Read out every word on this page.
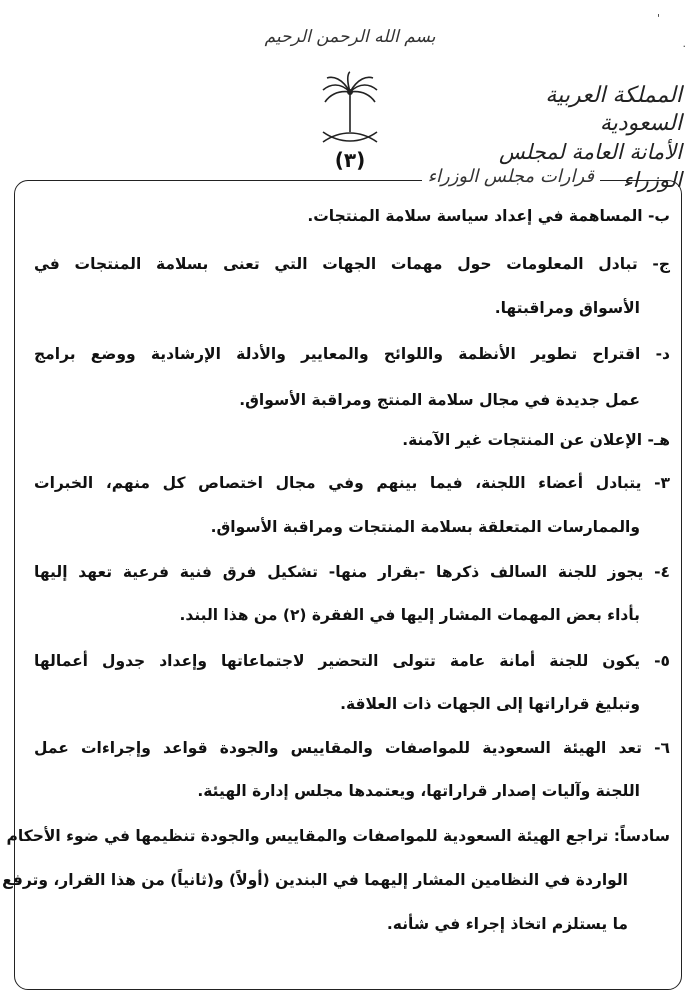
'
·
بسم الله الرحمن الرحيم
(٣)
المملكة العربية السعودية
الأمانة العامة لمجلس الوزراء
قرارات مجلس الوزراء
ب- المساهمة في إعداد سياسة سلامة المنتجات.
ج- تبادل المعلومات حول مهمات الجهات التي تعنى بسلامة المنتجات في
الأسواق ومراقبتها.
د- اقتراح تطوير الأنظمة واللوائح والمعايير والأدلة الإرشادية ووضع برامج
عمل جديدة في مجال سلامة المنتج ومراقبة الأسواق.
هـ- الإعلان عن المنتجات غير الآمنة.
٣- يتبادل أعضاء اللجنة، فيما بينهم وفي مجال اختصاص كل منهم، الخبرات
والممارسات المتعلقة بسلامة المنتجات ومراقبة الأسواق.
٤- يجوز للجنة السالف ذكرها -بقرار منها- تشكيل فرق فنية فرعية تعهد إليها
بأداء بعض المهمات المشار إليها في الفقرة (٢) من هذا البند.
٥- يكون للجنة أمانة عامة تتولى التحضير لاجتماعاتها وإعداد جدول أعمالها
وتبليغ قراراتها إلى الجهات ذات العلاقة.
٦- تعد الهيئة السعودية للمواصفات والمقاييس والجودة قواعد وإجراءات عمل
اللجنة وآليات إصدار قراراتها، ويعتمدها مجلس إدارة الهيئة.
سادساً: تراجع الهيئة السعودية للمواصفات والمقاييس والجودة تنظيمها في ضوء الأحكام
الواردة في النظامين المشار إليهما في البندين (أولاً) و(ثانياً) من هذا القرار، وترفع
ما يستلزم اتخاذ إجراء في شأنه.
